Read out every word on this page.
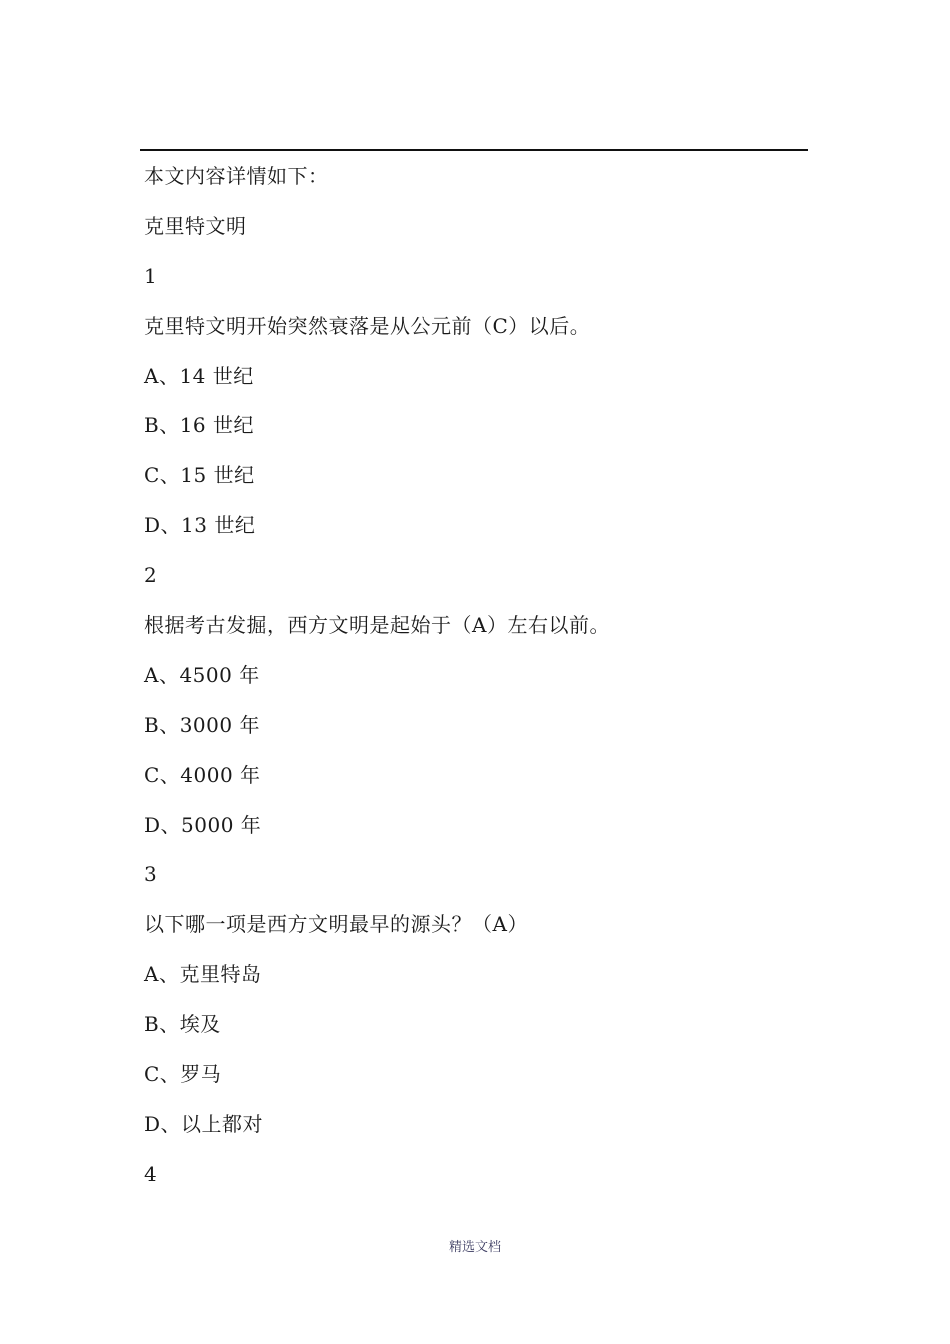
本文内容详情如下：
克里特文明
1
克里特文明开始突然衰落是从公元前（C）以后。
A、14 世纪
B、16 世纪
C、15 世纪
D、13 世纪
2
根据考古发掘，西方文明是起始于（A）左右以前。
A、4500 年
B、3000 年
C、4000 年
D、5000 年
3
以下哪一项是西方文明最早的源头？（A）
A、克里特岛
B、埃及
C、罗马
D、以上都对
4
精选文档
